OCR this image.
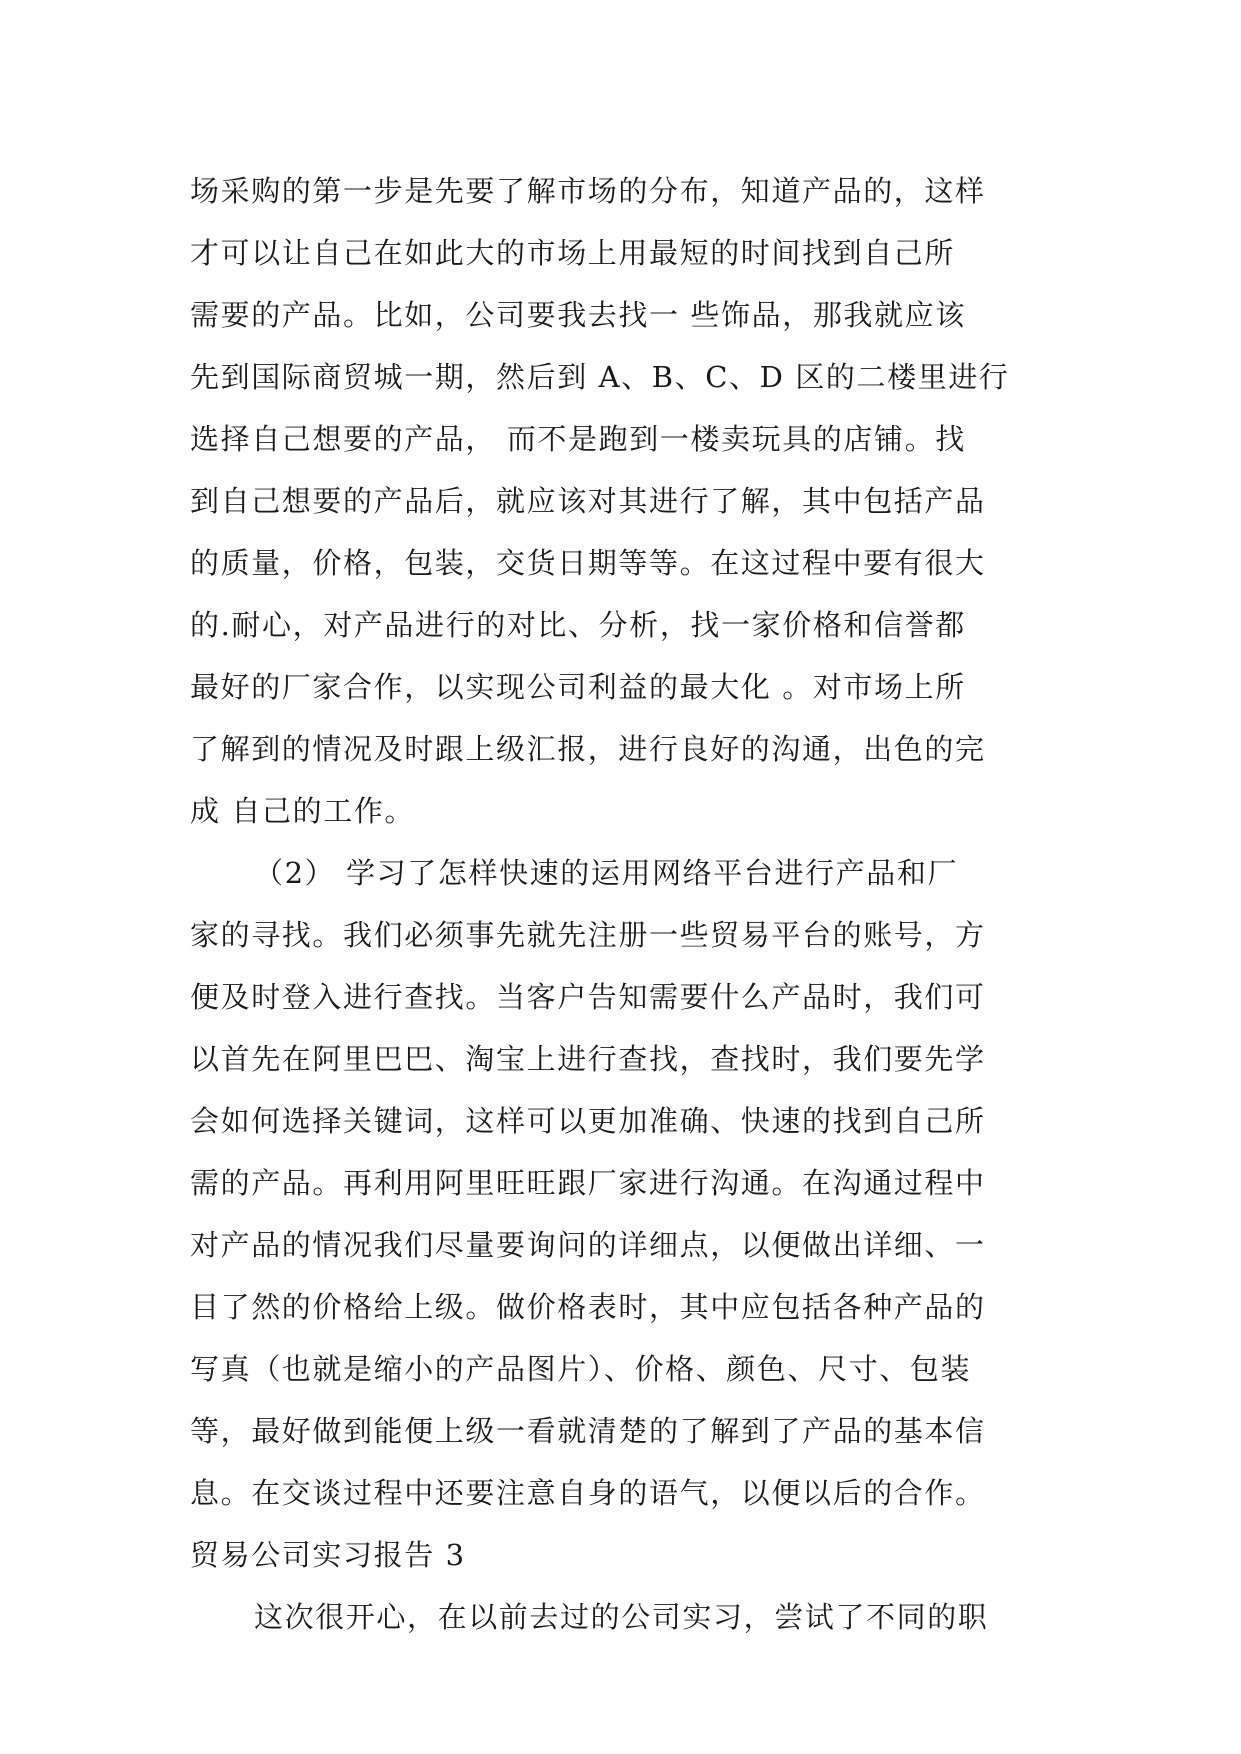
场采购的第一步是先要了解市场的分布，知道产品的，这样
才可以让自己在如此大的市场上用最短的时间找到自己所
需要的产品。比如，公司要我去找一 些饰品，那我就应该
先到国际商贸城一期，然后到 A、B、C、D 区的二楼里进行
选择自己想要的产品， 而不是跑到一楼卖玩具的店铺。找
到自己想要的产品后，就应该对其进行了解，其中包括产品
的质量，价格，包装，交货日期等等。在这过程中要有很大
的.耐心，对产品进行的对比、分析，找一家价格和信誉都
最好的厂家合作，以实现公司利益的最大化 。对市场上所
了解到的情况及时跟上级汇报，进行良好的沟通，出色的完
成 自己的工作。
（2） 学习了怎样快速的运用网络平台进行产品和厂
家的寻找。我们必须事先就先注册一些贸易平台的账号，方
便及时登入进行查找。当客户告知需要什么产品时，我们可
以首先在阿里巴巴、淘宝上进行查找，查找时，我们要先学
会如何选择关键词，这样可以更加准确、快速的找到自己所
需的产品。再利用阿里旺旺跟厂家进行沟通。在沟通过程中
对产品的情况我们尽量要询问的详细点，以便做出详细、一
目了然的价格给上级。做价格表时，其中应包括各种产品的
写真（也就是缩小的产品图片）、价格、颜色、尺寸、包装
等，最好做到能便上级一看就清楚的了解到了产品的基本信
息。在交谈过程中还要注意自身的语气，以便以后的合作。
贸易公司实习报告 3
这次很开心，在以前去过的公司实习，尝试了不同的职
